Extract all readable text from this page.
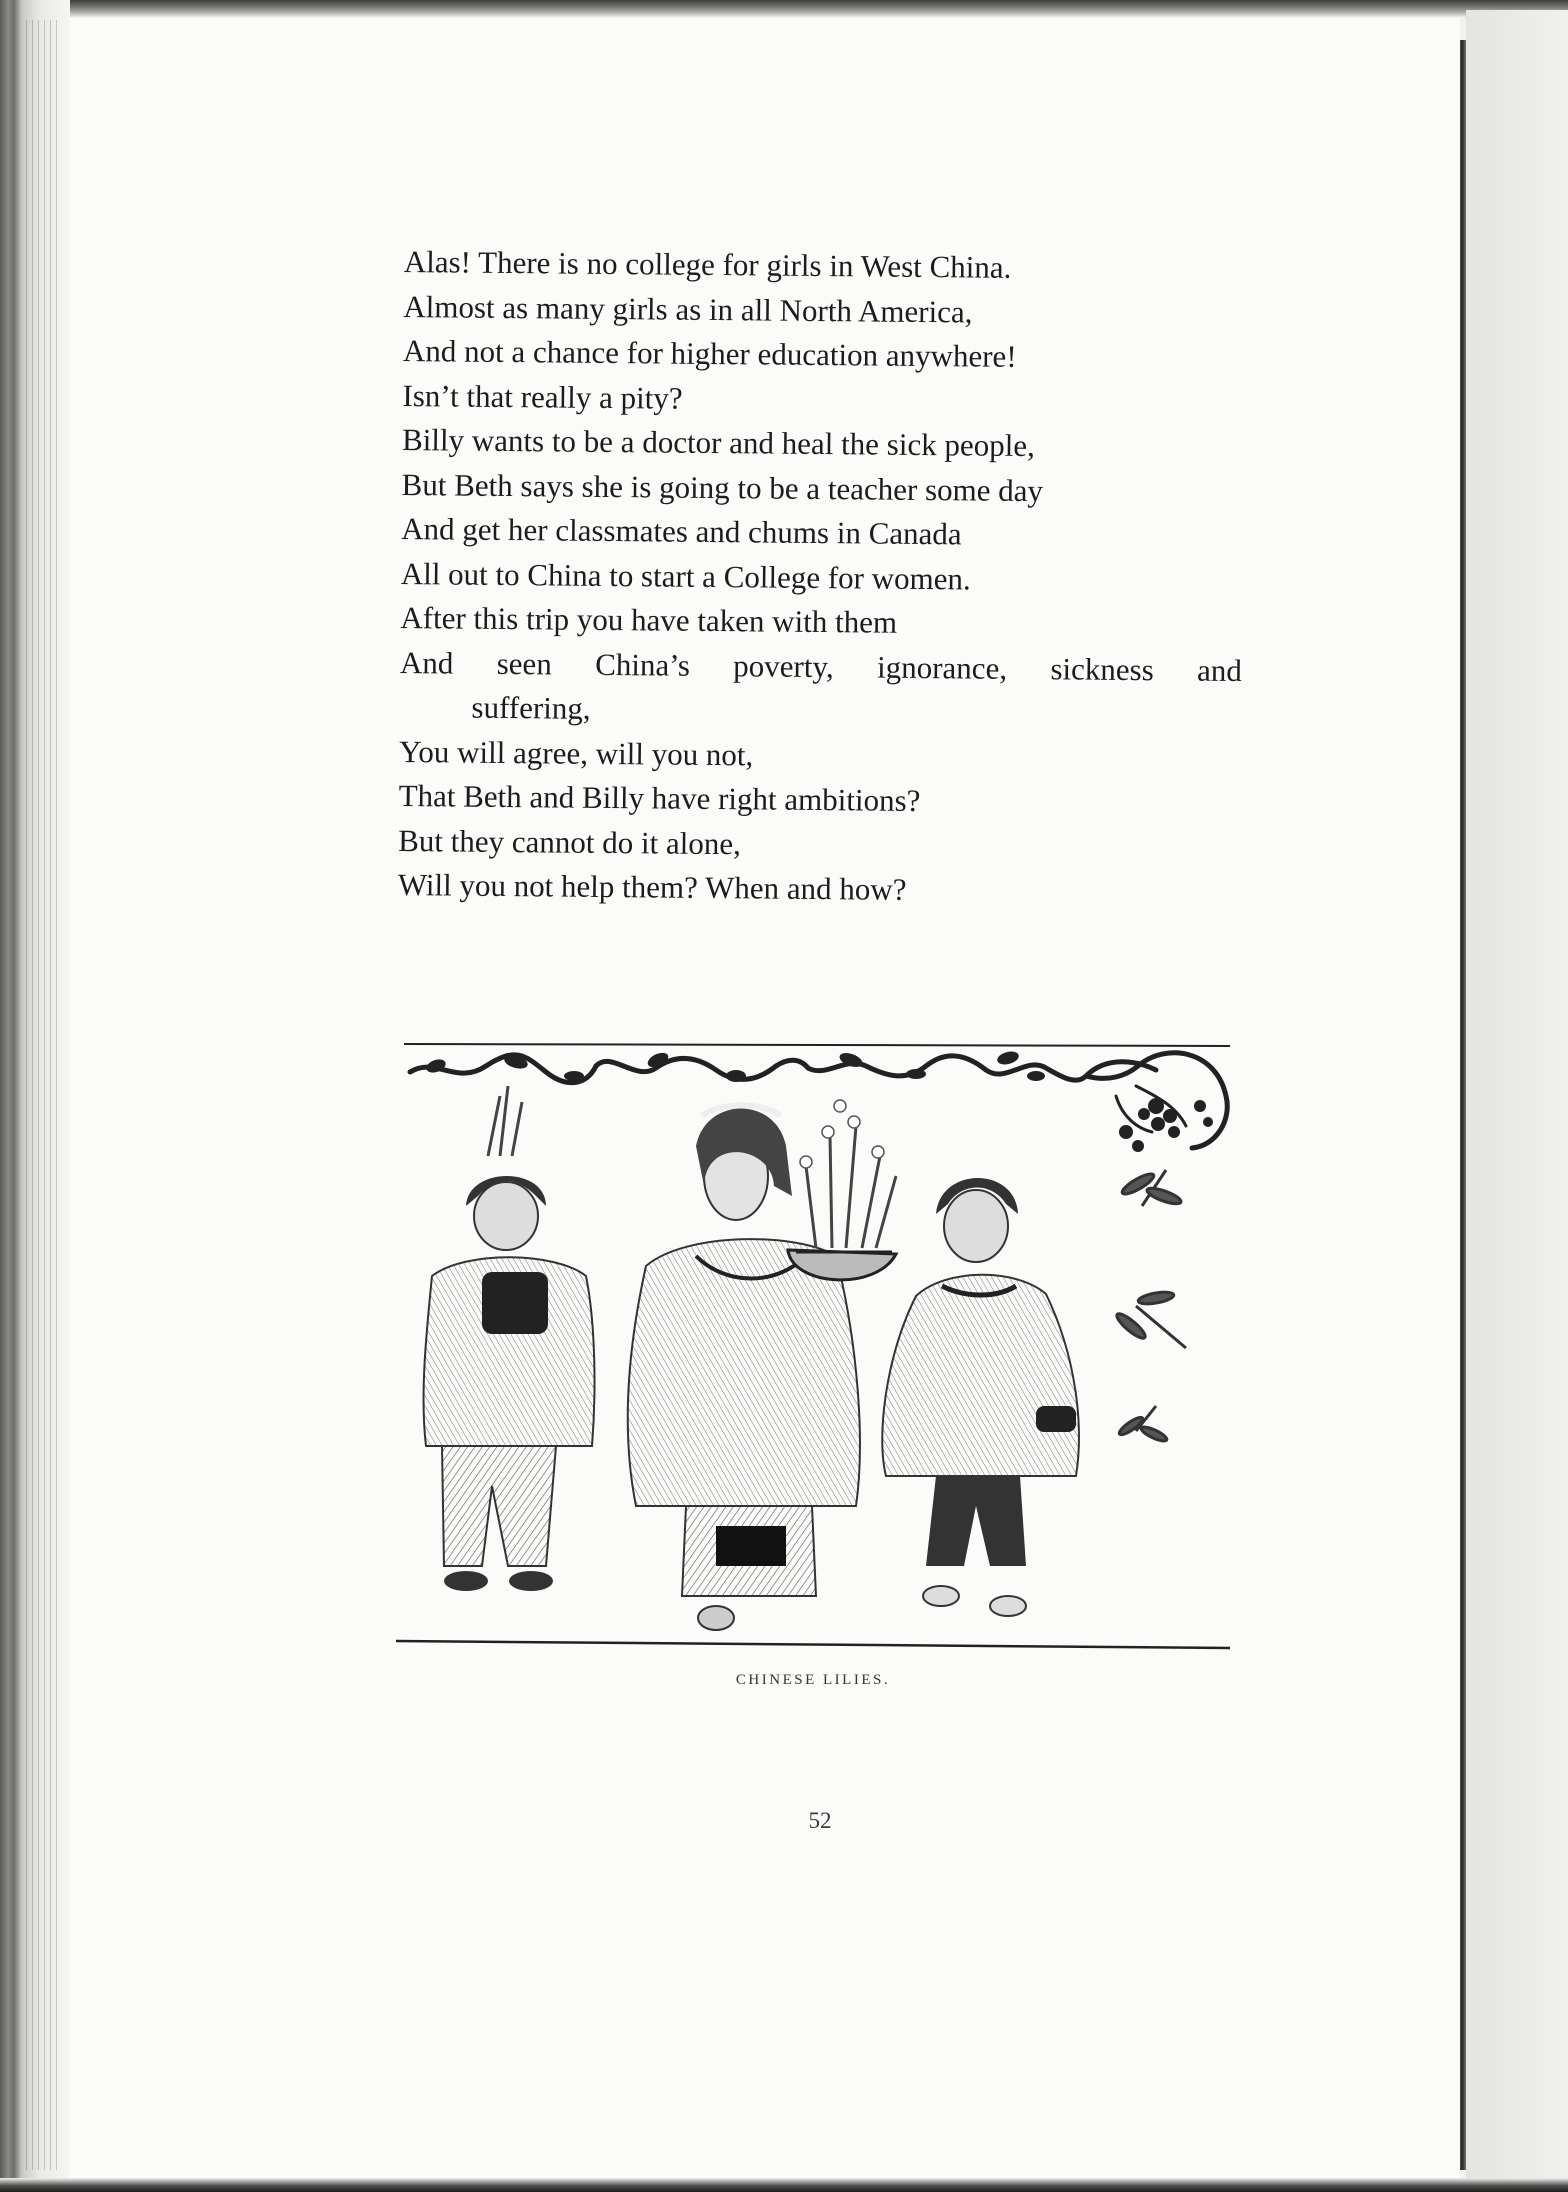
Alas! There is no college for girls in West China.
Almost as many girls as in all North America,
And not a chance for higher education anywhere!
Isn’t that really a pity?
Billy wants to be a doctor and heal the sick people,
But Beth says she is going to be a teacher some day
And get her classmates and chums in Canada
All out to China to start a College for women.
After this trip you have taken with them
And seen China’s poverty, ignorance, sickness and
suffering,
You will agree, will you not,
That Beth and Billy have right ambitions?
But they cannot do it alone,
Will you not help them? When and how?
CHINESE LILIES.
52
